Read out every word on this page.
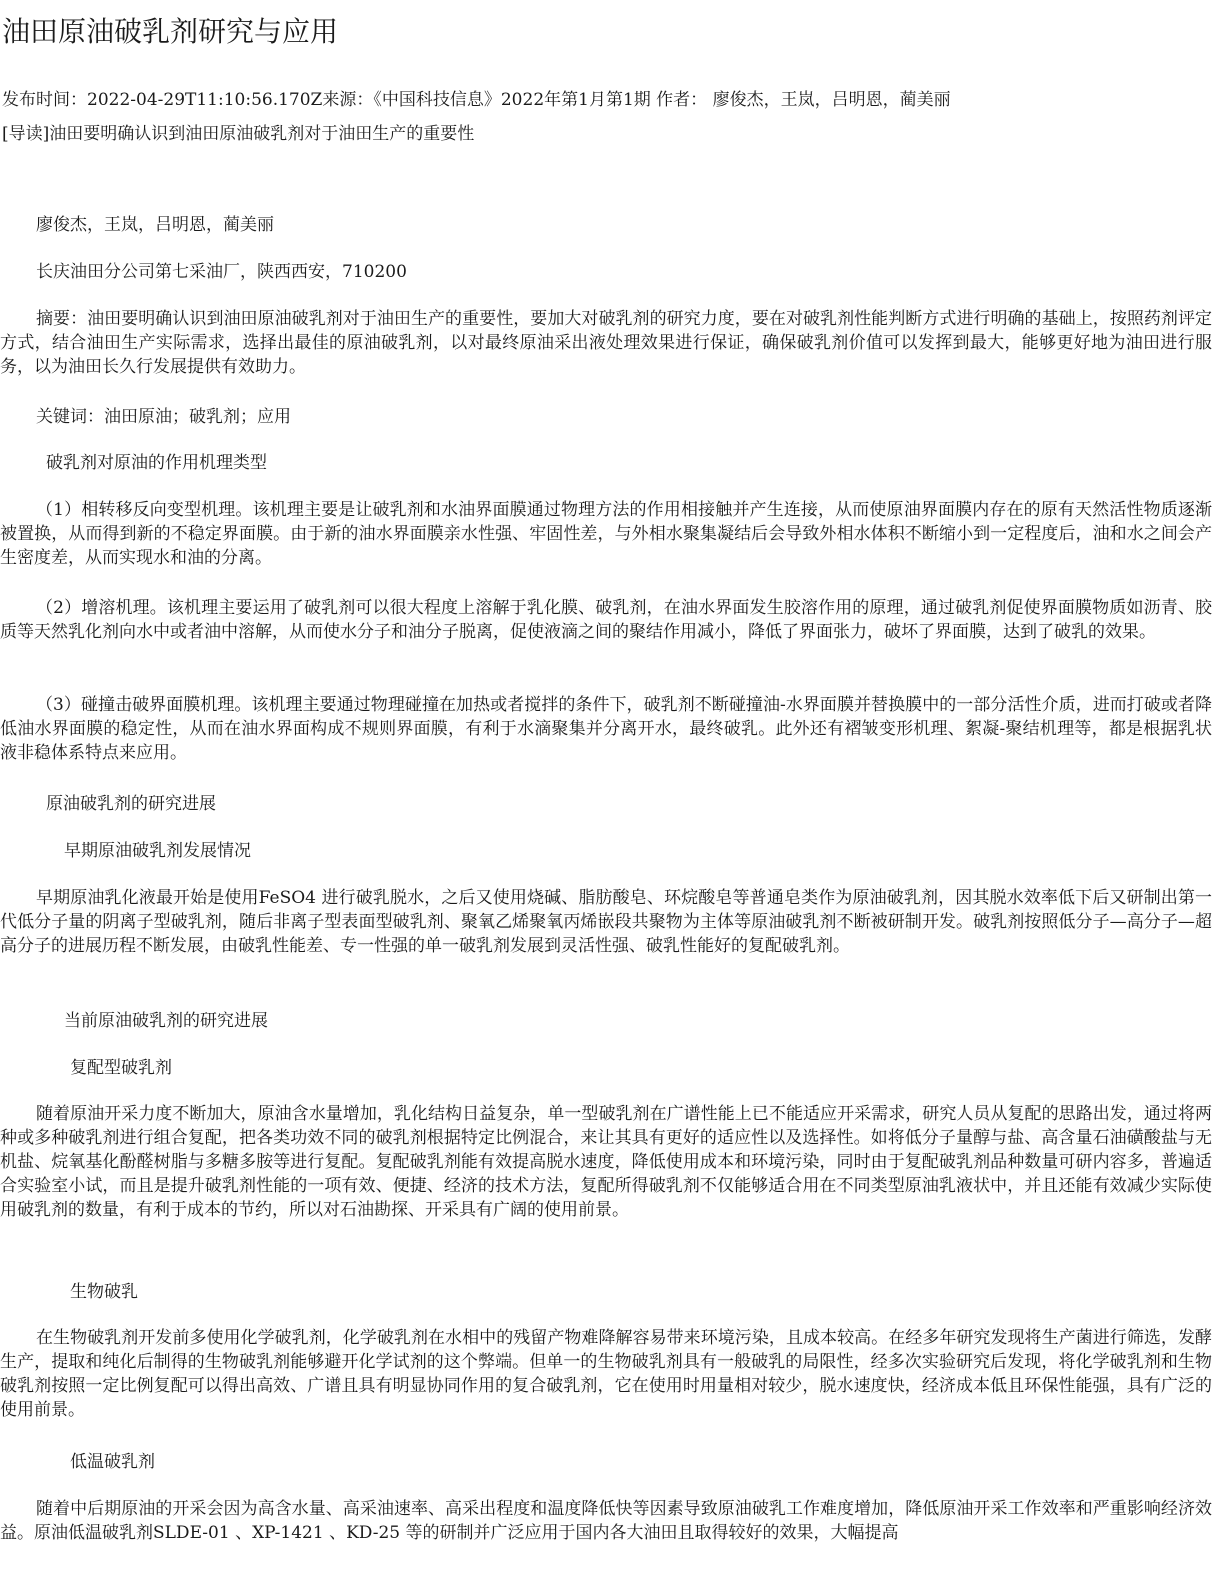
油田原油破乳剂研究与应用
发布时间：2022-04-29T11:10:56.170Z来源：《中国科技信息》2022年第1月第1期 作者： 廖俊杰，王岚，吕明恩，蔺美丽
[导读]油田要明确认识到油田原油破乳剂对于油田生产的重要性
廖俊杰，王岚，吕明恩，蔺美丽
长庆油田分公司第七采油厂，陕西西安，710200

摘要：油田要明确认识到油田原油破乳剂对于油田生产的重要性，要加大对破乳剂的研究力度，要在对破乳剂性能判断方式进行明确的基础上，按照药剂评定方式，结合油田生产实际需求，选择出最佳的原油破乳剂，以对最终原油采出液处理效果进行保证，确保破乳剂价值可以发挥到最大，能够更好地为油田进行服务，以为油田长久行发展提供有效助力。

关键词：油田原油；破乳剂；应用
破乳剂对原油的作用机理类型

（1）相转移反向变型机理。该机理主要是让破乳剂和水油界面膜通过物理方法的作用相接触并产生连接，从而使原油界面膜内存在的原有天然活性物质逐渐被置换，从而得到新的不稳定界面膜。由于新的油水界面膜亲水性强、牢固性差，与外相水聚集凝结后会导致外相水体积不断缩小到一定程度后，油和水之间会产生密度差，从而实现水和油的分离。

（2）增溶机理。该机理主要运用了破乳剂可以很大程度上溶解于乳化膜、破乳剂，在油水界面发生胶溶作用的原理，通过破乳剂促使界面膜物质如沥青、胶质等天然乳化剂向水中或者油中溶解，从而使水分子和油分子脱离，促使液滴之间的聚结作用减小，降低了界面张力，破坏了界面膜，达到了破乳的效果。

（3）碰撞击破界面膜机理。该机理主要通过物理碰撞在加热或者搅拌的条件下，破乳剂不断碰撞油-水界面膜并替换膜中的一部分活性介质，进而打破或者降低油水界面膜的稳定性，从而在油水界面构成不规则界面膜，有利于水滴聚集并分离开水，最终破乳。此外还有褶皱变形机理、絮凝-聚结机理等，都是根据乳状液非稳体系特点来应用。

原油破乳剂的研究进展
早期原油破乳剂发展情况

早期原油乳化液最开始是使用FeSO4 进行破乳脱水，之后又使用烧碱、脂肪酸皂、环烷酸皂等普通皂类作为原油破乳剂，因其脱水效率低下后又研制出第一代低分子量的阴离子型破乳剂，随后非离子型表面型破乳剂、聚氧乙烯聚氧丙烯嵌段共聚物为主体等原油破乳剂不断被研制开发。破乳剂按照低分子—高分子—超高分子的进展历程不断发展，由破乳性能差、专一性强的单一破乳剂发展到灵活性强、破乳性能好的复配破乳剂。

当前原油破乳剂的研究进展
复配型破乳剂

随着原油开采力度不断加大，原油含水量增加，乳化结构日益复杂，单一型破乳剂在广谱性能上已不能适应开采需求，研究人员从复配的思路出发，通过将两种或多种破乳剂进行组合复配，把各类功效不同的破乳剂根据特定比例混合，来让其具有更好的适应性以及选择性。如将低分子量醇与盐、高含量石油磺酸盐与无机盐、烷氧基化酚醛树脂与多糖多胺等进行复配。复配破乳剂能有效提高脱水速度，降低使用成本和环境污染，同时由于复配破乳剂品种数量可研内容多，普遍适合实验室小试，而且是提升破乳剂性能的一项有效、便捷、经济的技术方法，复配所得破乳剂不仅能够适合用在不同类型原油乳液状中，并且还能有效减少实际使用破乳剂的数量，有利于成本的节约，所以对石油勘探、开采具有广阔的使用前景。

生物破乳

在生物破乳剂开发前多使用化学破乳剂，化学破乳剂在水相中的残留产物难降解容易带来环境污染，且成本较高。在经多年研究发现将生产菌进行筛选，发酵生产，提取和纯化后制得的生物破乳剂能够避开化学试剂的这个弊端。但单一的生物破乳剂具有一般破乳的局限性，经多次实验研究后发现，将化学破乳剂和生物破乳剂按照一定比例复配可以得出高效、广谱且具有明显协同作用的复合破乳剂，它在使用时用量相对较少，脱水速度快，经济成本低且环保性能强，具有广泛的使用前景。

低温破乳剂

随着中后期原油的开采会因为高含水量、高采油速率、高采出程度和温度降低快等因素导致原油破乳工作难度增加，降低原油开采工作效率和严重影响经济效益。原油低温破乳剂SLDE-01 、XP-1421 、KD-25 等的研制并广泛应用于国内各大油田且取得较好的效果，大幅提高
